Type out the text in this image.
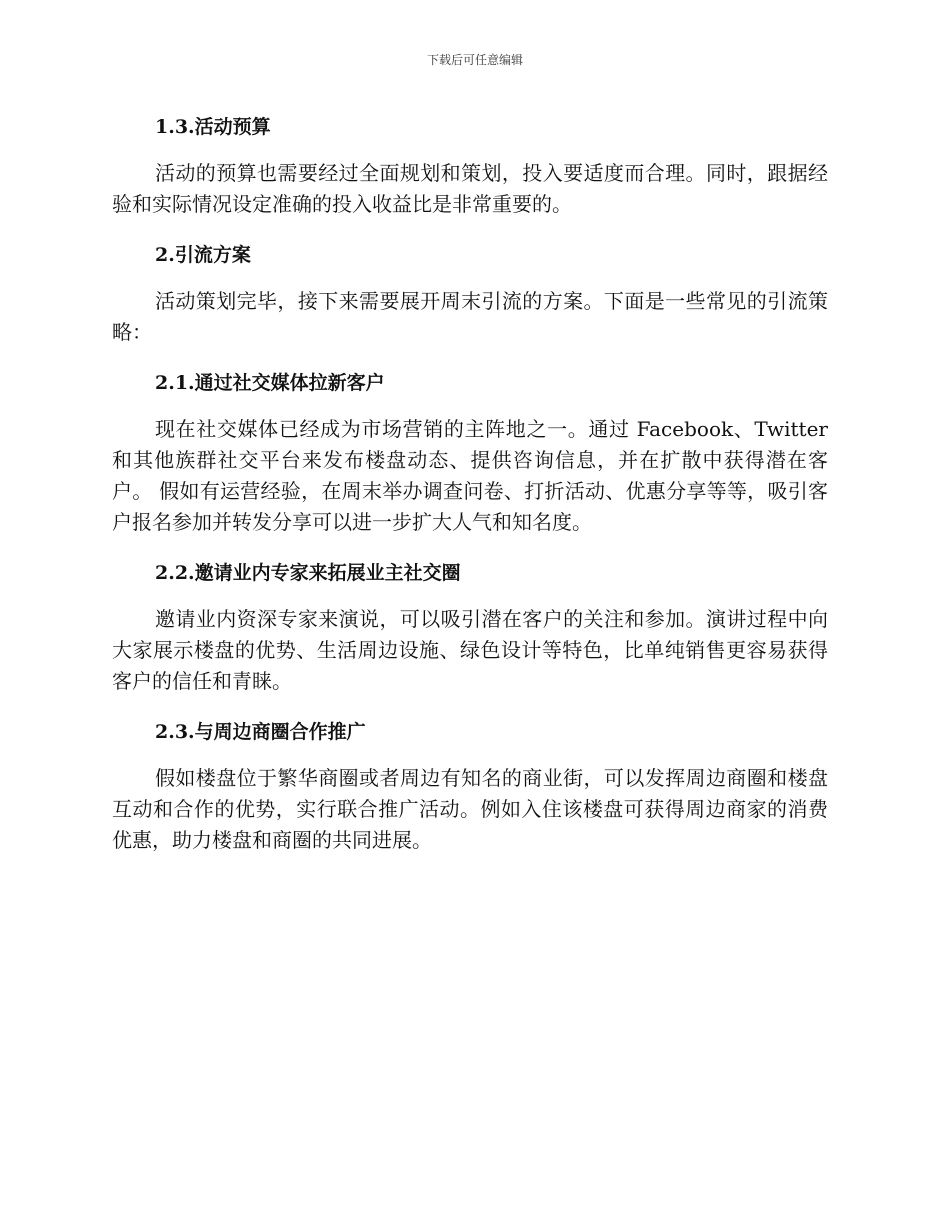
下载后可任意编辑
1.3.活动预算

活动的预算也需要经过全面规划和策划，投入要适度而合理。同时，跟据经验和实际情况设定准确的投入收益比是非常重要的。

2.引流方案

活动策划完毕，接下来需要展开周末引流的方案。下面是一些常见的引流策略：

2.1.通过社交媒体拉新客户

现在社交媒体已经成为市场营销的主阵地之一。通过 Facebook、Twitter 和其他族群社交平台来发布楼盘动态、提供咨询信息，并在扩散中获得潜在客户。 假如有运营经验，在周末举办调查问卷、打折活动、优惠分享等等，吸引客户报名参加并转发分享可以进一步扩大人气和知名度。

2.2.邀请业内专家来拓展业主社交圈

邀请业内资深专家来演说，可以吸引潜在客户的关注和参加。演讲过程中向大家展示楼盘的优势、生活周边设施、绿色设计等特色，比单纯销售更容易获得客户的信任和青睐。

2.3.与周边商圈合作推广

假如楼盘位于繁华商圈或者周边有知名的商业街，可以发挥周边商圈和楼盘互动和合作的优势，实行联合推广活动。例如入住该楼盘可获得周边商家的消费优惠，助力楼盘和商圈的共同进展。
